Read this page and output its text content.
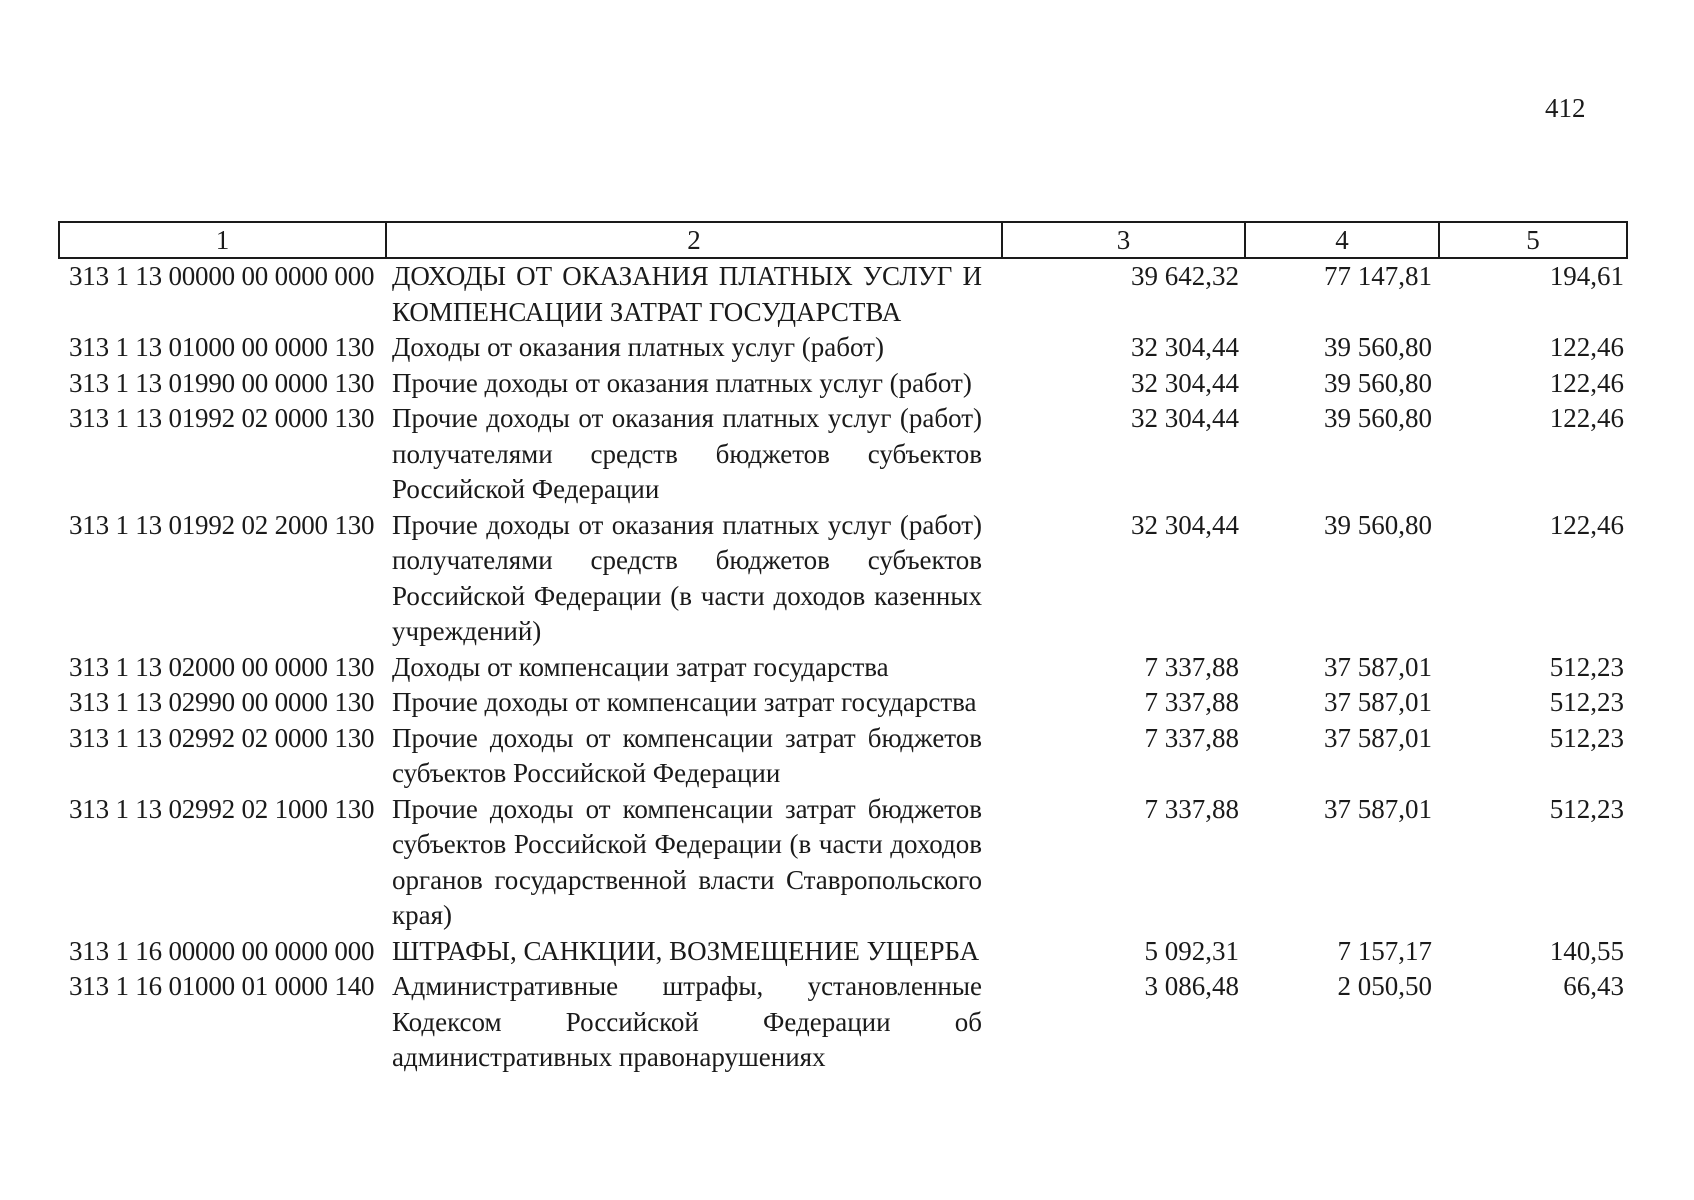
412
1	2	3	4	5
313 1 13 00000 00 0000 000	ДОХОДЫ ОТ ОКАЗАНИЯ ПЛАТНЫХ УСЛУГ И КОМПЕНСАЦИИ ЗАТРАТ ГОСУДАРСТВА	39 642,32	77 147,81	194,61
313 1 13 01000 00 0000 130	Доходы от оказания платных услуг (работ)	32 304,44	39 560,80	122,46
313 1 13 01990 00 0000 130	Прочие доходы от оказания платных услуг (работ)	32 304,44	39 560,80	122,46
313 1 13 01992 02 0000 130	Прочие доходы от оказания платных услуг (работ) получателями средств бюджетов субъектов Российской Федерации	32 304,44	39 560,80	122,46
313 1 13 01992 02 2000 130	Прочие доходы от оказания платных услуг (работ) получателями средств бюджетов субъектов Российской Федерации (в части доходов казенных учреждений)	32 304,44	39 560,80	122,46
313 1 13 02000 00 0000 130	Доходы от компенсации затрат государства	7 337,88	37 587,01	512,23
313 1 13 02990 00 0000 130	Прочие доходы от компенсации затрат государства	7 337,88	37 587,01	512,23
313 1 13 02992 02 0000 130	Прочие доходы от компенсации затрат бюджетов субъектов Российской Федерации	7 337,88	37 587,01	512,23
313 1 13 02992 02 1000 130	Прочие доходы от компенсации затрат бюджетов субъектов Российской Федерации (в части доходов органов государственной власти Ставропольского края)	7 337,88	37 587,01	512,23
313 1 16 00000 00 0000 000	ШТРАФЫ, САНКЦИИ, ВОЗМЕЩЕНИЕ УЩЕРБА	5 092,31	7 157,17	140,55
313 1 16 01000 01 0000 140	Административные штрафы, установленные Кодексом Российской Федерации об административных правонарушениях	3 086,48	2 050,50	66,43
